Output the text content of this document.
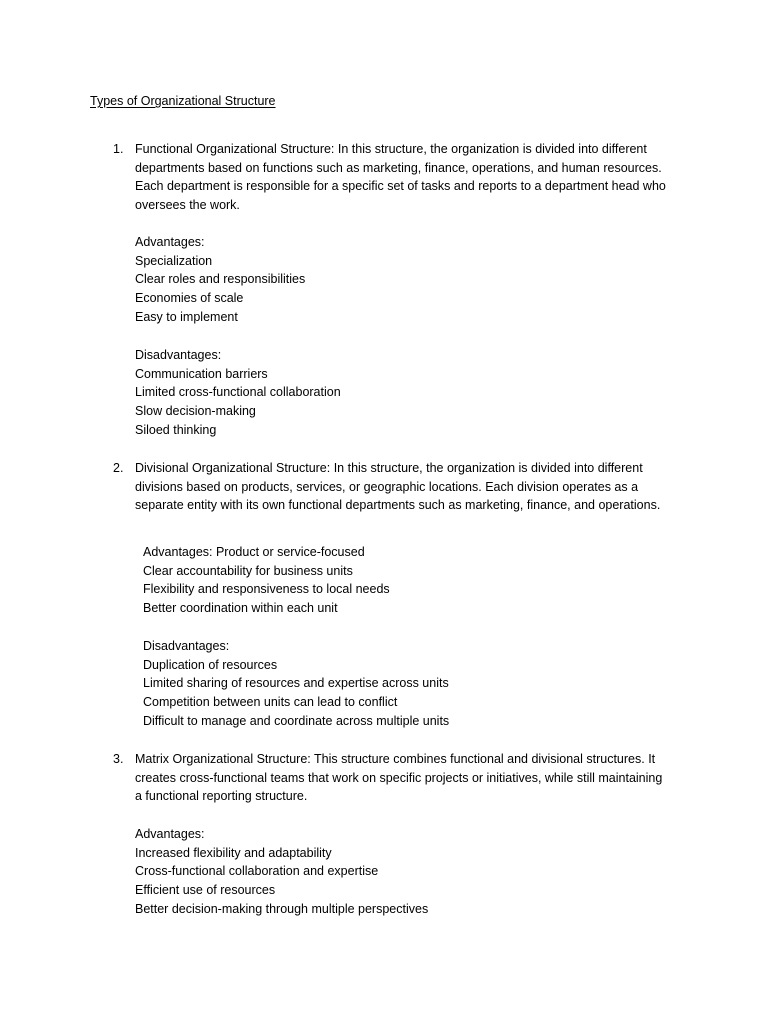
Types of Organizational Structure
1. Functional Organizational Structure: In this structure, the organization is divided into different
departments based on functions such as marketing, finance, operations, and human resources.
Each department is responsible for a specific set of tasks and reports to a department head who
oversees the work.
Advantages:
Specialization
Clear roles and responsibilities
Economies of scale
Easy to implement
Disadvantages:
Communication barriers
Limited cross-functional collaboration
Slow decision-making
Siloed thinking
2. Divisional Organizational Structure: In this structure, the organization is divided into different
divisions based on products, services, or geographic locations. Each division operates as a
separate entity with its own functional departments such as marketing, finance, and operations.
Advantages: Product or service-focused
Clear accountability for business units
Flexibility and responsiveness to local needs
Better coordination within each unit
Disadvantages:
Duplication of resources
Limited sharing of resources and expertise across units
Competition between units can lead to conflict
Difficult to manage and coordinate across multiple units
3. Matrix Organizational Structure: This structure combines functional and divisional structures. It
creates cross-functional teams that work on specific projects or initiatives, while still maintaining
a functional reporting structure.
Advantages:
Increased flexibility and adaptability
Cross-functional collaboration and expertise
Efficient use of resources
Better decision-making through multiple perspectives
